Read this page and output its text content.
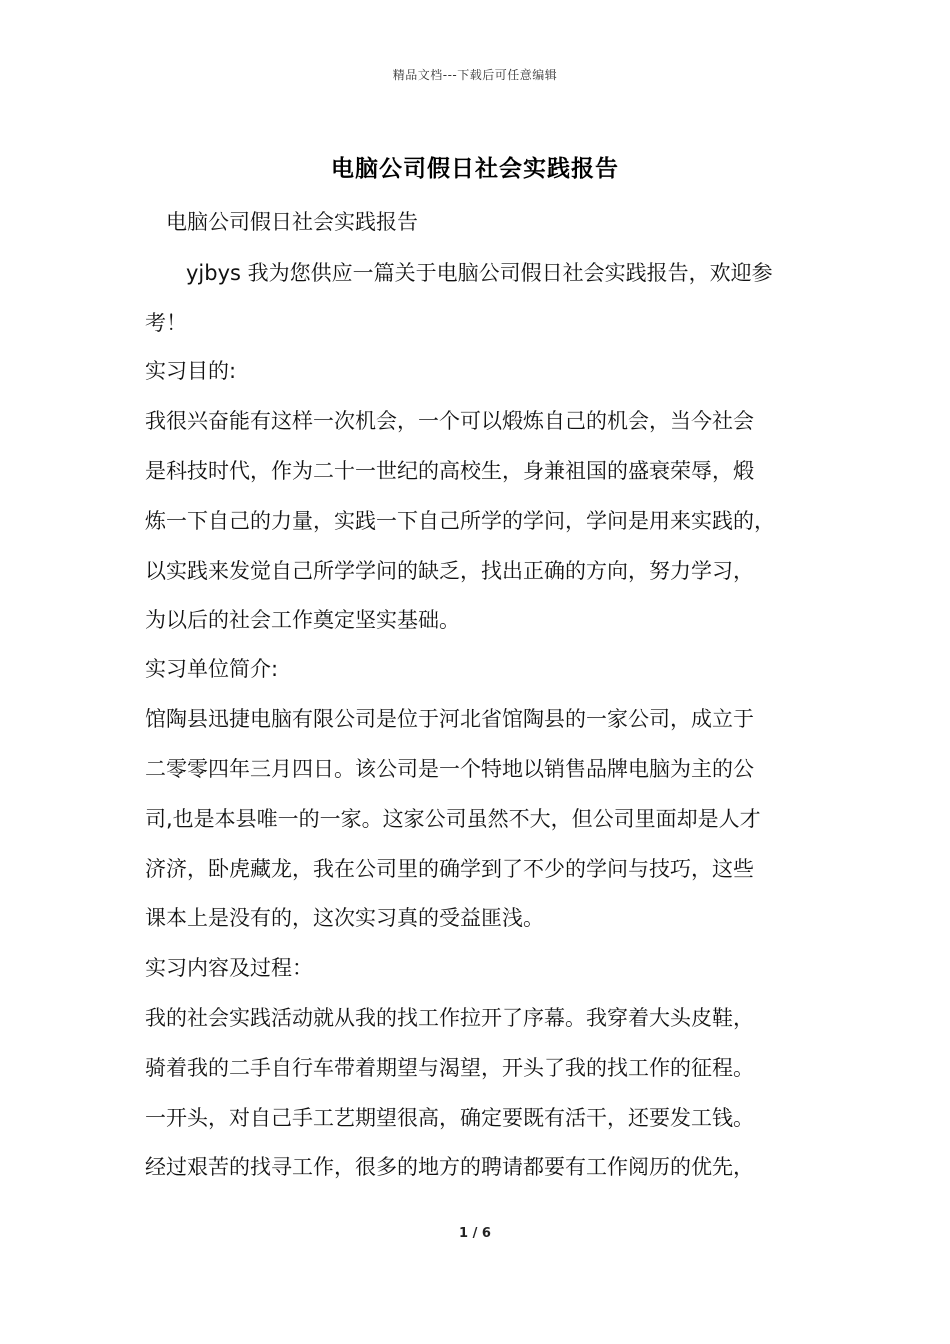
精品文档---下载后可任意编辑
电脑公司假日社会实践报告
电脑公司假日社会实践报告
yjbys 我为您供应一篇关于电脑公司假日社会实践报告，欢迎参
考！
实习目的:
我很兴奋能有这样一次机会，一个可以煅炼自己的机会，当今社会
是科技时代，作为二十一世纪的高校生，身兼祖国的盛衰荣辱，煅
炼一下自己的力量，实践一下自己所学的学问，学问是用来实践的，
以实践来发觉自己所学学问的缺乏，找出正确的方向，努力学习，
为以后的社会工作奠定坚实基础。
实习单位简介:
馆陶县迅捷电脑有限公司是位于河北省馆陶县的一家公司，成立于
二零零四年三月四日。该公司是一个特地以销售品牌电脑为主的公
司,也是本县唯一的一家。这家公司虽然不大，但公司里面却是人才
济济，卧虎藏龙，我在公司里的确学到了不少的学问与技巧，这些
课本上是没有的，这次实习真的受益匪浅。
实习内容及过程：
我的社会实践活动就从我的找工作拉开了序幕。我穿着大头皮鞋，
骑着我的二手自行车带着期望与渴望，开头了我的找工作的征程。
一开头，对自己手工艺期望很高，确定要既有活干，还要发工钱。
经过艰苦的找寻工作，很多的地方的聘请都要有工作阅历的优先，
1 / 6
